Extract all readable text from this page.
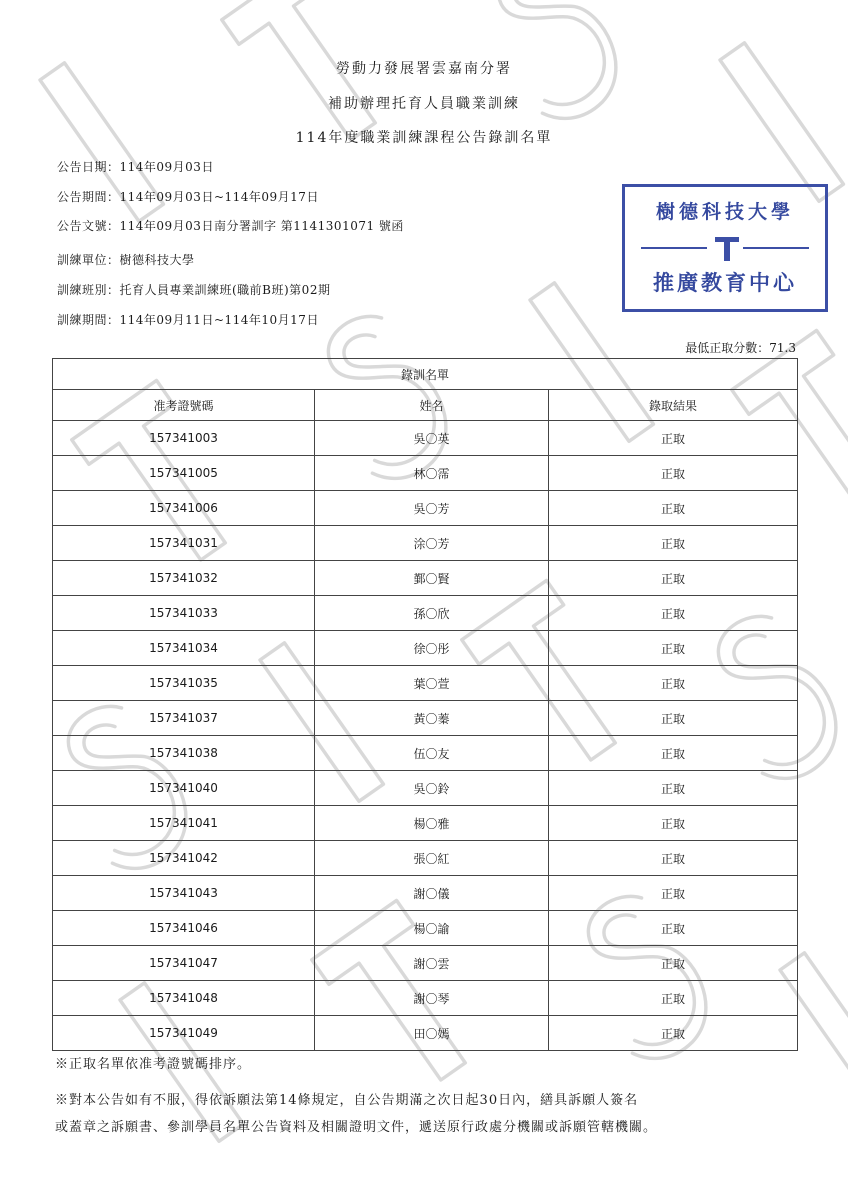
勞動力發展署雲嘉南分署
補助辦理托育人員職業訓練
114年度職業訓練課程公告錄訓名單
公告日期：114年09月03日
公告期間：114年09月03日~114年09月17日
公告文號：114年09月03日南分署訓字 第1141301071 號函
訓練單位：樹德科技大學
訓練班別：托育人員專業訓練班(職前B班)第02期
訓練期間：114年09月11日~114年10月17日
樹德科技大學
推廣教育中心
最低正取分數：71.3
錄訓名單		
准考證號碼	姓名	錄取結果
157341003	吳〇英	正取
157341005	林〇霈	正取
157341006	吳〇芳	正取
157341031	涂〇芳	正取
157341032	鄞〇賢	正取
157341033	孫〇欣	正取
157341034	徐〇彤	正取
157341035	葉〇萱	正取
157341037	黃〇蓁	正取
157341038	伍〇友	正取
157341040	吳〇鈴	正取
157341041	楊〇雅	正取
157341042	張〇紅	正取
157341043	謝〇儀	正取
157341046	楊〇諭	正取
157341047	謝〇雲	正取
157341048	謝〇琴	正取
157341049	田〇嫣	正取
※正取名單依准考證號碼排序。
※對本公告如有不服，得依訴願法第14條規定，自公告期滿之次日起30日內，繕具訴願人簽名
或蓋章之訴願書、參訓學員名單公告資料及相關證明文件，遞送原行政處分機關或訴願管轄機關。
